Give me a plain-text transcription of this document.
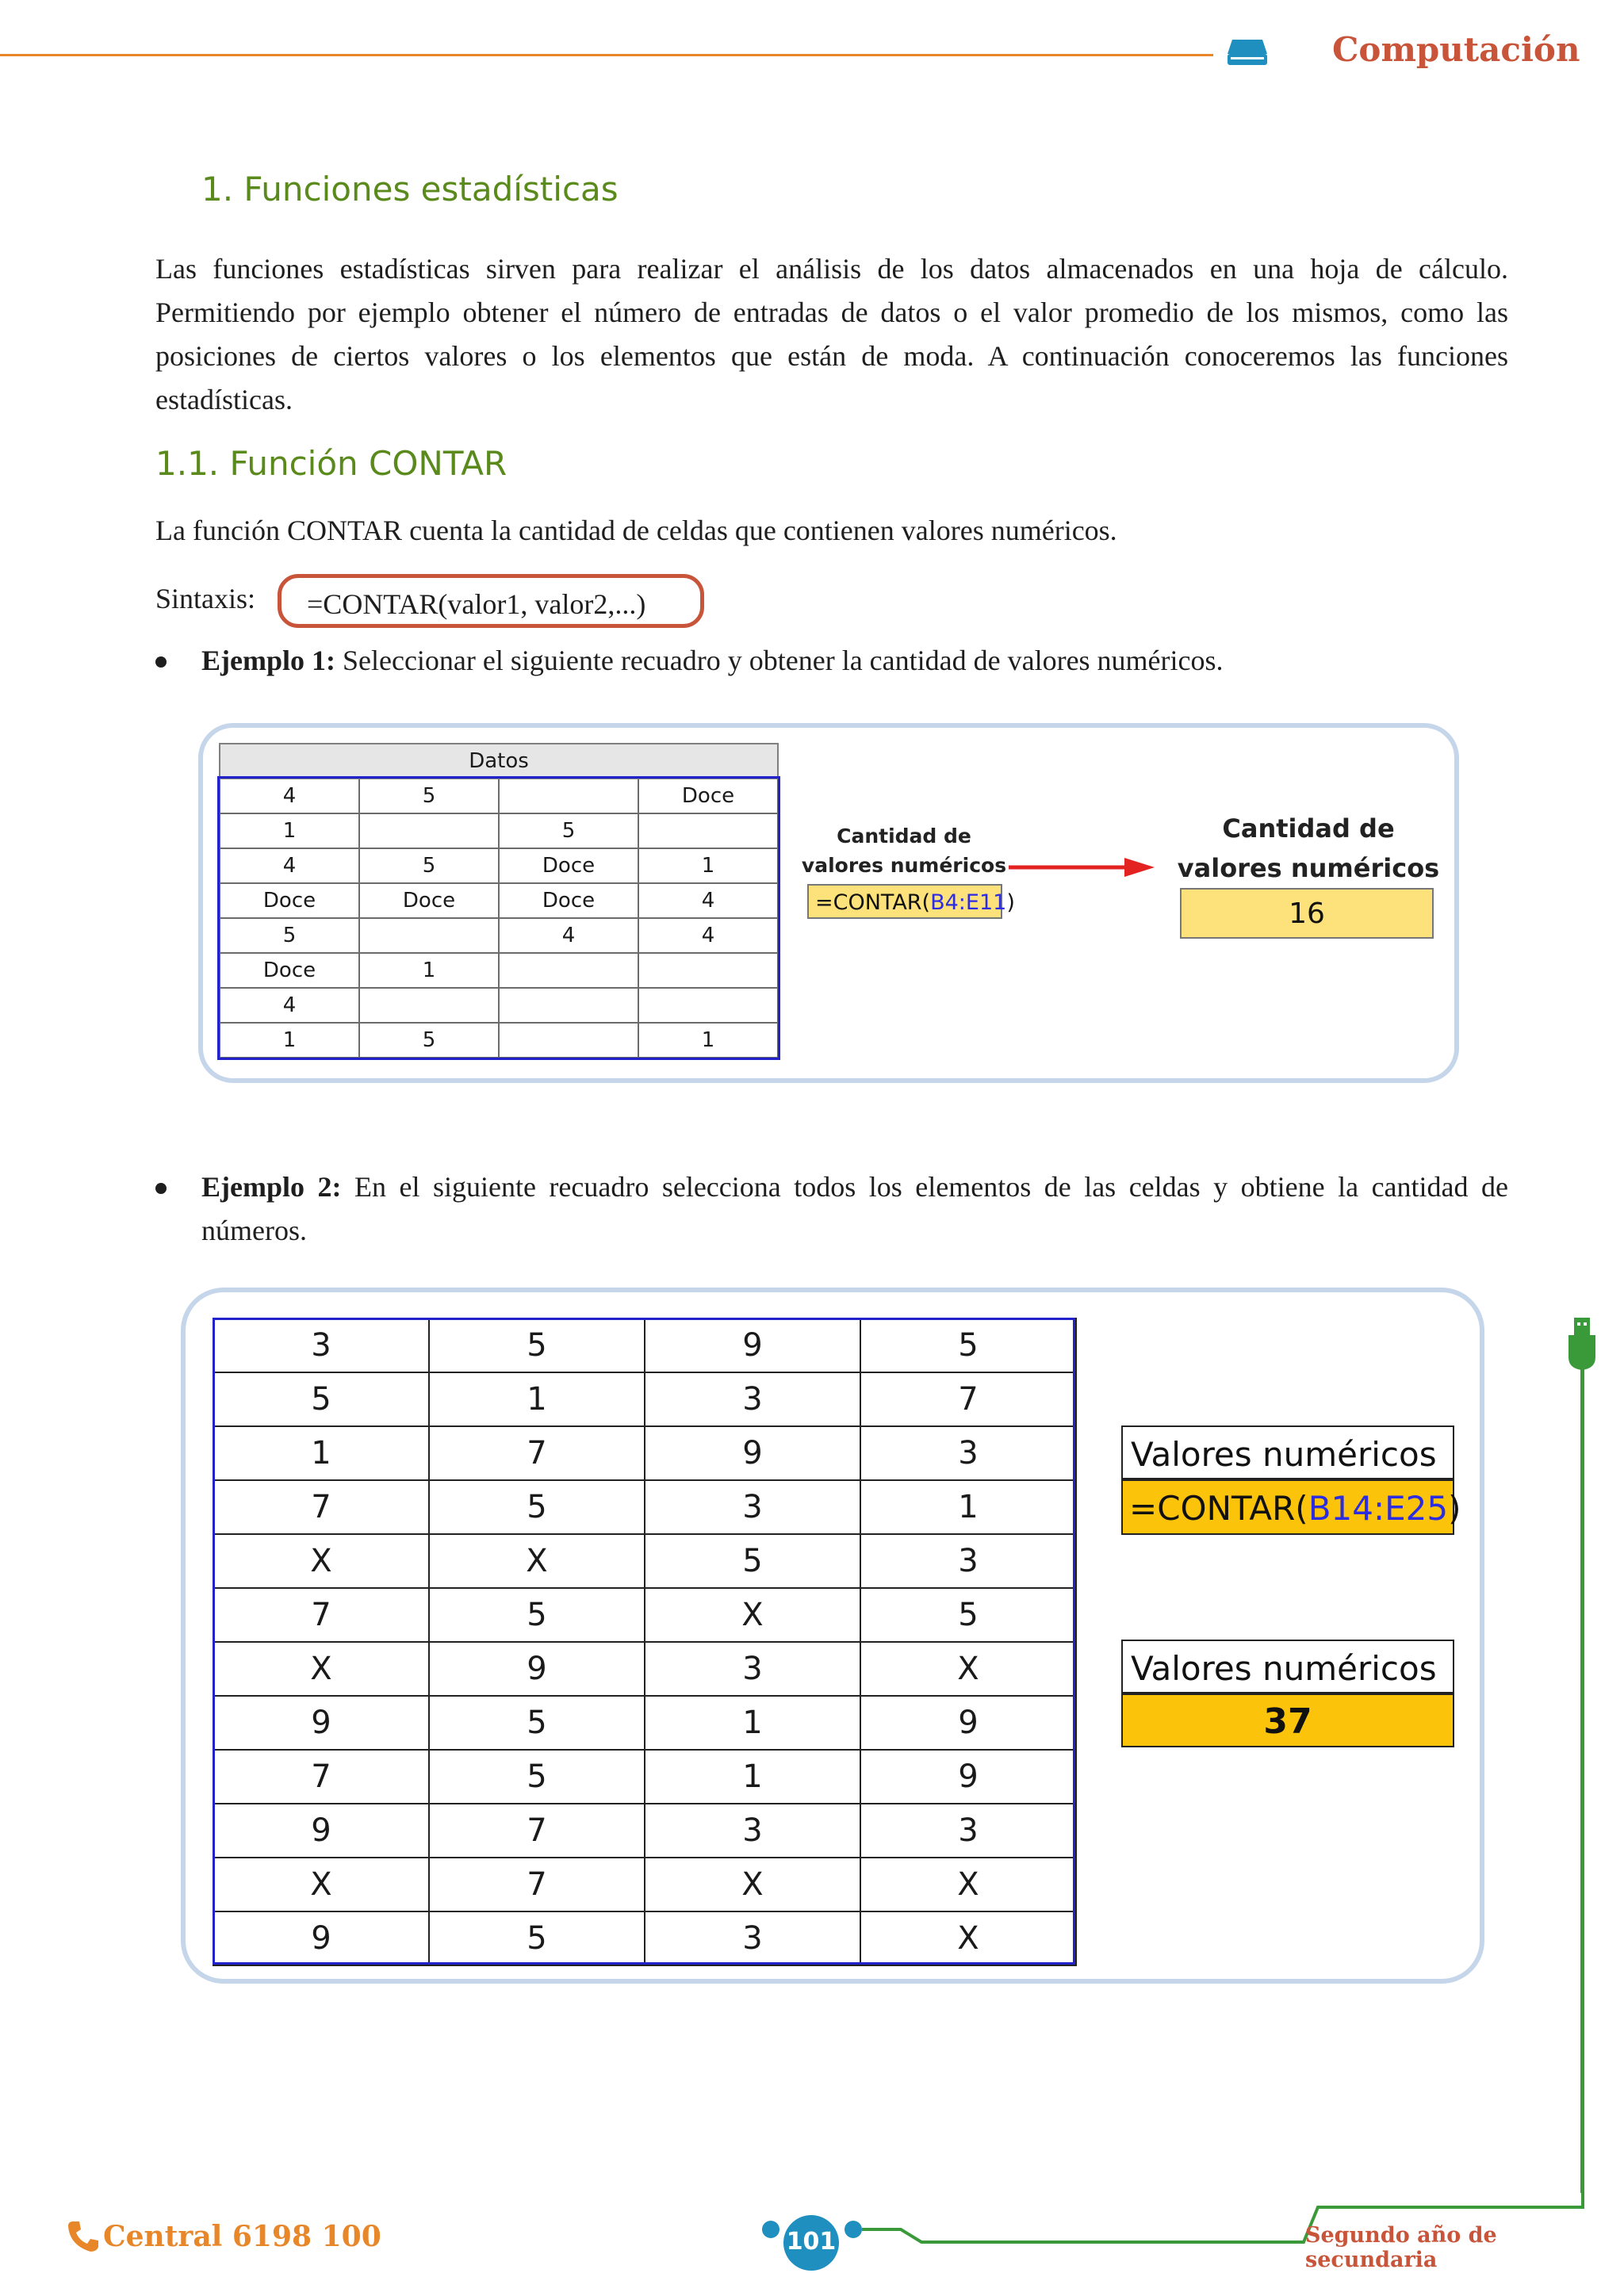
Computación
1. Funciones estadísticas
Las funciones estadísticas sirven para realizar el análisis de los datos almacenados en una hoja de cálculo. Permitiendo por ejemplo obtener el número de entradas de datos o el valor promedio de los mismos, como las posiciones de ciertos valores o los elementos que están de moda. A continuación conoceremos las funciones estadísticas.
1.1. Función CONTAR
La función CONTAR cuenta la cantidad de celdas que contienen valores numéricos.
Sintaxis:	=CONTAR(valor1, valor2,...)
Ejemplo 1: Seleccionar el siguiente recuadro y obtener la cantidad de valores numéricos.
Datos			
4	5		Doce
1		5	
4	5	Doce	1
Doce	Doce	Doce	4
5		4	4
Doce	1		
4			
1	5		1
Cantidad de
valores numéricos
=CONTAR(B4:E11)
Cantidad de
valores numéricos
16
Ejemplo 2: En el siguiente recuadro selecciona todos los elementos de las celdas y obtiene la cantidad de números.
3	5	9	5
5	1	3	7
1	7	9	3
7	5	3	1
X	X	5	3
7	5	X	5
X	9	3	X
9	5	1	9
7	5	1	9
9	7	3	3
X	7	X	X
9	5	3	X
Valores numéricos
=CONTAR(B14:E25)
Valores numéricos
37
Central 6198 100	101	Segundo año de secundaria
